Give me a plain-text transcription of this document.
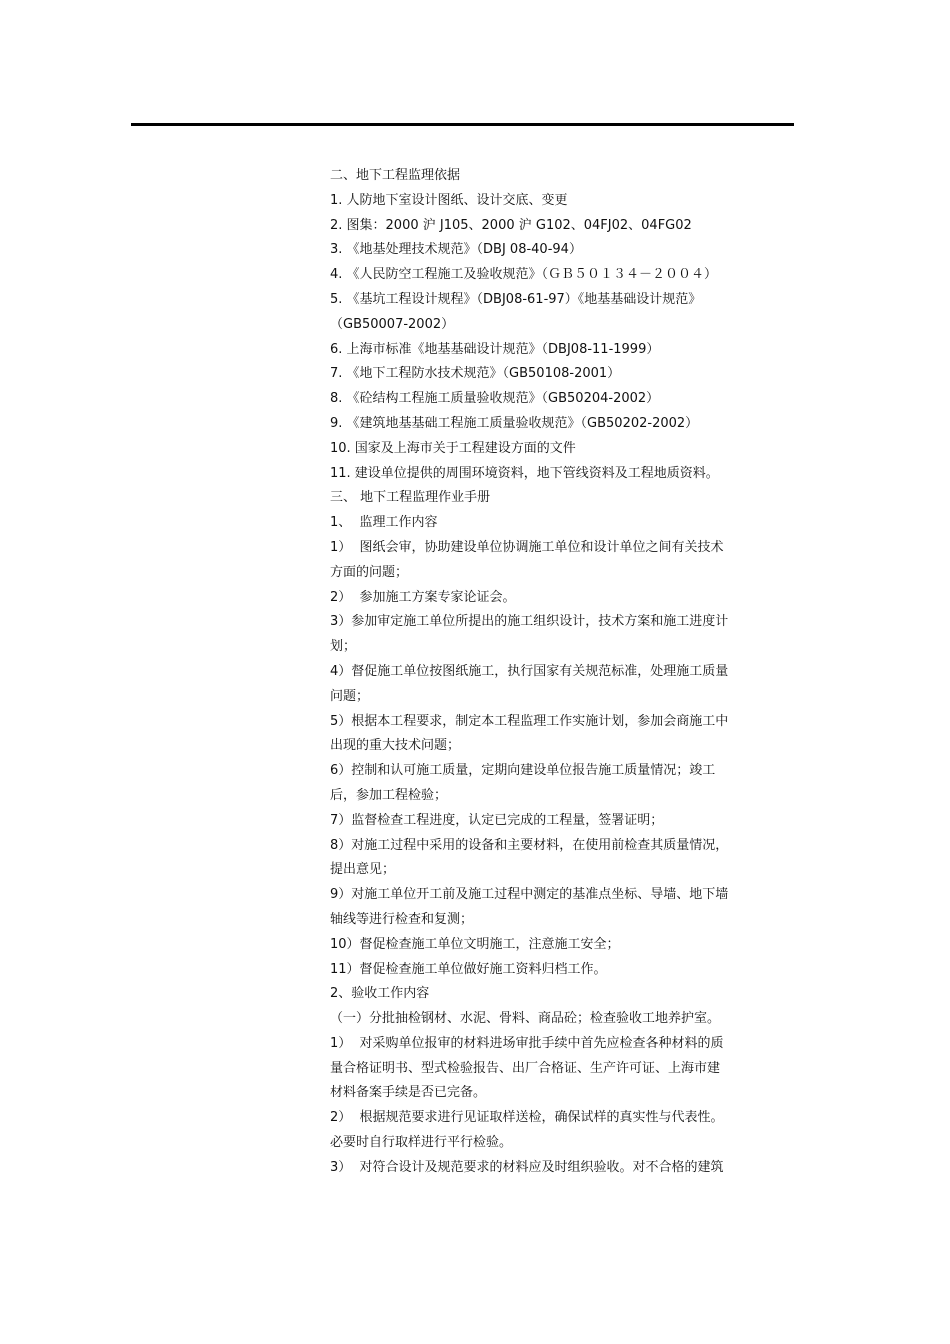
二、地下工程监理依据
1. 人防地下室设计图纸、设计交底、变更
2. 图集：2000 沪 J105、2000 沪 G102、04FJ02、04FG02
3. 《地基处理技术规范》（DBJ 08-40-94）
4. 《人民防空工程施工及验收规范》（ＧＢ５０１３４－２００４）
5. 《基坑工程设计规程》（DBJ08-61-97）《地基基础设计规范》
（GB50007-2002）
6. 上海市标准《地基基础设计规范》（DBJ08-11-1999）
7. 《地下工程防水技术规范》（GB50108-2001）
8. 《砼结构工程施工质量验收规范》（GB50204-2002）
9. 《建筑地基基础工程施工质量验收规范》（GB50202-2002）
10. 国家及上海市关于工程建设方面的文件
11. 建设单位提供的周围环境资料，地下管线资料及工程地质资料。
三、 地下工程监理作业手册
1、  监理工作内容
1）  图纸会审，协助建设单位协调施工单位和设计单位之间有关技术
方面的问题；
2）  参加施工方案专家论证会。
3）参加审定施工单位所提出的施工组织设计，技术方案和施工进度计
划；
4）督促施工单位按图纸施工，执行国家有关规范标准，处理施工质量
问题；
5）根据本工程要求，制定本工程监理工作实施计划，参加会商施工中
出现的重大技术问题；
6）控制和认可施工质量，定期向建设单位报告施工质量情况；竣工
后，参加工程检验；
7）监督检查工程进度，认定已完成的工程量，签署证明；
8）对施工过程中采用的设备和主要材料，在使用前检查其质量情况，
提出意见；
9）对施工单位开工前及施工过程中测定的基准点坐标、导墙、地下墙
轴线等进行检查和复测；
10）督促检查施工单位文明施工，注意施工安全；
11）督促检查施工单位做好施工资料归档工作。
2、验收工作内容
（一）分批抽检钢材、水泥、骨料、商品砼；检查验收工地养护室。
1）  对采购单位报审的材料进场审批手续中首先应检查各种材料的质
量合格证明书、型式检验报告、出厂合格证、生产许可证、上海市建
材料备案手续是否已完备。
2）  根据规范要求进行见证取样送检，确保试样的真实性与代表性。
必要时自行取样进行平行检验。
3）  对符合设计及规范要求的材料应及时组织验收。对不合格的建筑
